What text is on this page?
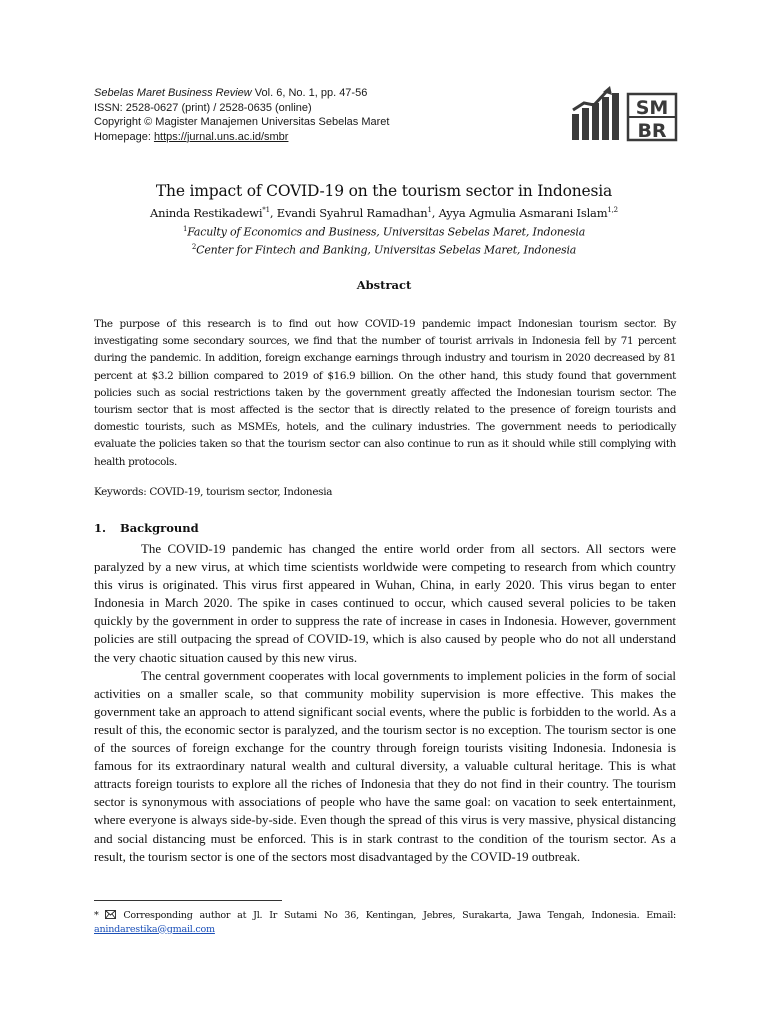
Sebelas Maret Business Review Vol. 6, No. 1, pp. 47-56
ISSN: 2528-0627 (print) / 2528-0635 (online)
Copyright © Magister Manajemen Universitas Sebelas Maret
Homepage: https://jurnal.uns.ac.id/smbr
SM
BR
The impact of COVID-19 on the tourism sector in Indonesia
Aninda Restikadewi$^{*1}$, Evandi Syahrul Ramadhan$^1$, Ayya Agmulia Asmarani Islam$^{1,2}$
$^1$Faculty of Economics and Business, Universitas Sebelas Maret, Indonesia
$^2$Center for Fintech and Banking, Universitas Sebelas Maret, Indonesia
Abstract
The purpose of this research is to find out how COVID-19 pandemic impact Indonesian tourism sector. By investigating some secondary sources, we find that the number of tourist arrivals in Indonesia fell by 71 percent during the pandemic. In addition, foreign exchange earnings through industry and tourism in 2020 decreased by 81 percent at $3.2 billion compared to 2019 of $16.9 billion. On the other hand, this study found that government policies such as social restrictions taken by the government greatly affected the Indonesian tourism sector. The tourism sector that is most affected is the sector that is directly related to the presence of foreign tourists and domestic tourists, such as MSMEs, hotels, and the culinary industries. The government needs to periodically evaluate the policies taken so that the tourism sector can also continue to run as it should while still complying with health protocols.
Keywords: COVID-19, tourism sector, Indonesia
1. Background

The COVID-19 pandemic has changed the entire world order from all sectors. All sectors were paralyzed by a new virus, at which time scientists worldwide were competing to research from which country this virus is originated. This virus first appeared in Wuhan, China, in early 2020. This virus began to enter Indonesia in March 2020. The spike in cases continued to occur, which caused several policies to be taken quickly by the government in order to suppress the rate of increase in cases in Indonesia. However, government policies are still outpacing the spread of COVID-19, which is also caused by people who do not all understand the very chaotic situation caused by this new virus.

The central government cooperates with local governments to implement policies in the form of social activities on a smaller scale, so that community mobility supervision is more effective. This makes the government take an approach to attend significant social events, where the public is forbidden to the world. As a result of this, the economic sector is paralyzed, and the tourism sector is no exception. The tourism sector is one of the sources of foreign exchange for the country through foreign tourists visiting Indonesia. Indonesia is famous for its extraordinary natural wealth and cultural diversity, a valuable cultural heritage. This is what attracts foreign tourists to explore all the riches of Indonesia that they do not find in their country. The tourism sector is synonymous with associations of people who have the same goal: on vacation to seek entertainment, where everyone is always side-by-side. Even though the spread of this virus is very massive, physical distancing and social distancing must be enforced. This is in stark contrast to the condition of the tourism sector. As a result, the tourism sector is one of the sectors most disadvantaged by the COVID-19 outbreak.

*  Corresponding author at Jl. Ir Sutami No 36, Kentingan, Jebres, Surakarta, Jawa Tengah, Indonesia. Email: anindarestika@gmail.com
